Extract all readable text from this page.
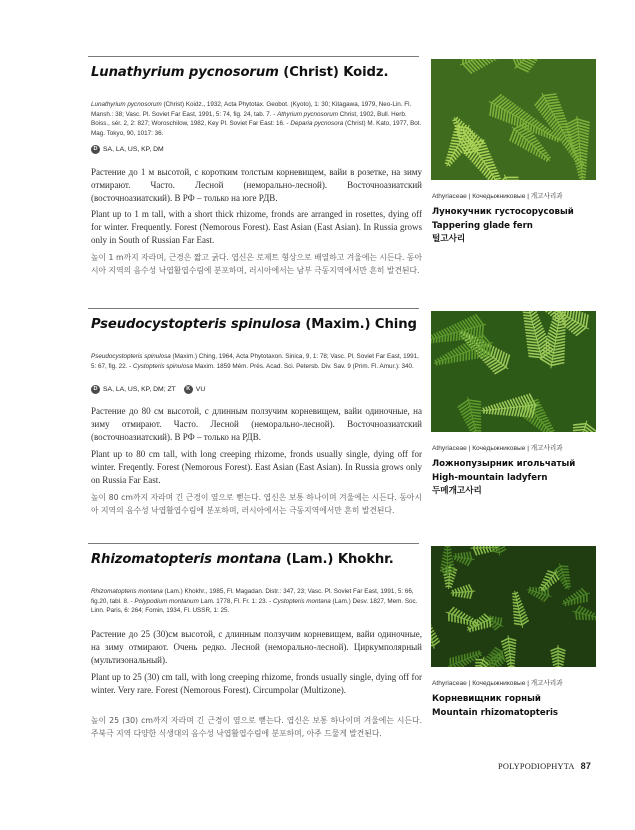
Lunathyrium pycnosorum (Christ) Koidz.
Lunathyrium pycnosorum (Christ) Koidz., 1932, Acta Phytotax. Geobot. (Kyoto), 1: 30; Kitagawa, 1979, Neo-Lin. Fl. Mansh.: 38; Vasc. Pl. Soviet Far East, 1991, 5: 74, fig. 24, tab. 7. - Athyrium pycnosorum Christ, 1902, Bull. Herb. Boiss., sér. 2, 2: 827; Woroschilow, 1982, Key Pl. Soviet Far East: 16. - Deparia pycnosora (Christ) M. Kato, 1977, Bot. Mag. Tokyo, 90, 1017: 36.
D SA, LA, US, KP, DM
Растение до 1 м высотой, с коротким толстым корневищем, вайи в розетке, на зиму отмирают. Часто. Лесной (неморально-лесной). Восточноазиатский (восточноазиатский). В РФ – только на юге РДВ.
Plant up to 1 m tall, with a short thick rhizome, fronds are arranged in rosettes, dying off for winter. Frequently. Forest (Nemorous Forest). East Asian (East Asian). In Russia grows only in South of Russian Far East.
높이 1 m까지 자라며, 근경은 짧고 굵다. 엽신은 로제트 형상으로 배열하고 겨울에는 시든다. 동아시아 지역의 음수성 낙엽활엽수림에 분포하며, 러시아에서는 남부 극동지역에서만 흔히 발견된다.
Athyriaceae | Кочедыжниковые | 개고사리과
Лунокучник густосорусовый
Tappering glade fern
털고사리
Pseudocystopteris spinulosa (Maxim.) Ching
Pseudocystopteris spinulosa (Maxim.) Ching, 1964, Acta Phytotaxon. Sinica, 9, 1: 78; Vasc. Pl. Soviet Far East, 1991, 5: 67, fig. 22. - Cystopteris spinulosa Maxim. 1859 Mém. Prés. Acad. Sci. Petersb. Div. Sav. 9 (Prim. Fl. Amur.): 340.
D SA, LA, US, KP, DM; ZT	K VU
Растение до 80 см высотой, с длинным ползучим корневищем, вайи одиночные, на зиму отмирают. Часто. Лесной (неморально-лесной). Восточноазиатский (восточноазиатский). В РФ – только на РДВ.
Plant up to 80 cm tall, with long creeping rhizome, fronds usually single, dying off for winter. Freqently. Forest (Nemorous Forest). East Asian (East Asian). In Russia grows only on Russia Far East.
높이 80 cm까지 자라며 긴 근경이 옆으로 뻗는다. 엽신은 보통 하나이며 겨울에는 시든다. 동아시아 지역의 음수성 낙엽활엽수림에 분포하며, 러시아에서는 극동지역에서만 흔히 발견된다.
Athyriaceae | Кочедыжниковые | 개고사리과
Ложнопузырник игольчатый
High-mountain ladyfern
두메개고사리
Rhizomatopteris montana (Lam.) Khokhr.
Rhizomatopteris montana (Lam.) Khokhr., 1985, Fl. Magadan. Distr.: 347, 23; Vasc. Pl. Soviet Far East, 1991, 5: 66, fig.20, tabl. 8. - Polypodium montanum Lam. 1778, Fl. Fr. 1: 23. - Cystopteris montana (Lam.) Desv. 1827, Mem. Soc. Linn. Paris, 6: 264; Fomin, 1934, Fl. USSR, 1: 25.
Растение до 25 (30)см высотой, с длинным ползучим корневищем, вайи одиночные, на зиму отмирают. Очень редко. Лесной (неморально-лесной). Циркумполярный (мультизональный).
Plant up to 25 (30) cm tall, with long creeping rhizome, fronds usually single, dying off for winter. Very rare. Forest (Nemorous Forest). Circumpolar (Multizone).
높이 25 (30) cm까지 자라며 긴 근경이 옆으로 뻗는다. 엽신은 보통 하나이며 겨울에는 시든다. 주북극 지역 다양한 식생대의 음수성 낙엽활엽수림에 분포하며, 아주 드물게 발견된다.
Athyriaceae | Кочедыжниковые | 개고사리과
Корневищник горный
Mountain rhizomatopteris
POLYPODIOPHYTA 87
